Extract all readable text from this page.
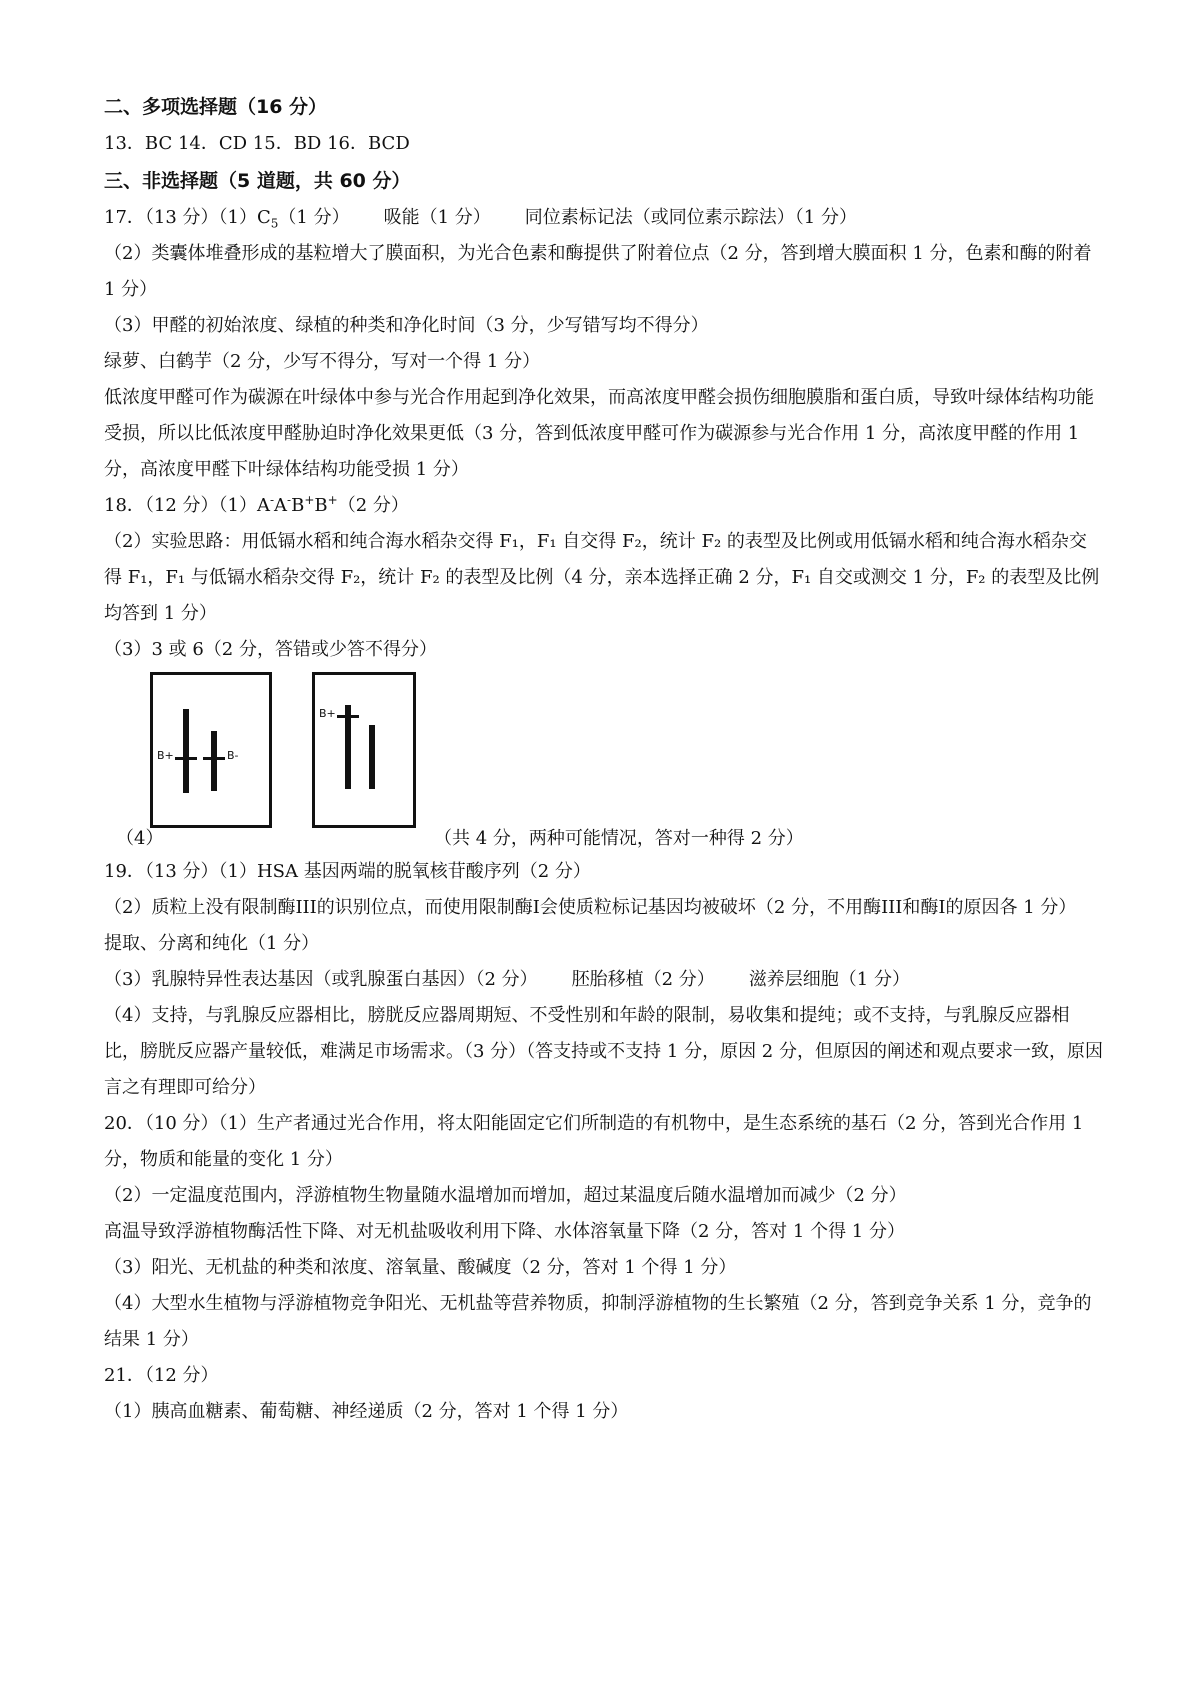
二、多项选择题（16 分）
13．BC 14．CD 15．BD 16．BCD
三、非选择题（5 道题，共 60 分）
17．（13 分）$(1)C_5(1$ 分） 吸能（1 分） 同位素标记法（或同位素示踪法）（1 分）
（2）类囊体堆叠形成的基粒增大了膜面积，为光合色素和酶提供了附着位点（2 分，答到增大膜面积 1 分，色素和酶的附着 1 分）
（3）甲醛的初始浓度、绿植的种类和净化时间（3 分，少写错写均不得分）
绿萝、白鹤芋（2 分，少写不得分，写对一个得 1 分）
低浓度甲醛可作为碳源在叶绿体中参与光合作用起到净化效果，而高浓度甲醛会损伤细胞膜脂和蛋白质，导致叶绿体结构功能受损，所以比低浓度甲醛胁迫时净化效果更低（3 分，答到低浓度甲醛可作为碳源参与光合作用 1 分，高浓度甲醛的作用 1 分，高浓度甲醛下叶绿体结构功能受损 1 分）
18．（12 分）（1）A-A-B+B+（2 分）
（2）实验思路：用低镉水稻和纯合海水稻杂交得 F₁，F₁ 自交得 F₂，统计 F₂ 的表型及比例或用低镉水稻和纯合海水稻杂交得 F₁，F₁ 与低镉水稻杂交得 F₂，统计 F₂ 的表型及比例（4 分，亲本选择正确 2 分，F₁ 自交或测交 1 分，F₂ 的表型及比例均答到 1 分）
（3）3 或 6（2 分，答错或少答不得分）
（4）
B+	B-
B+
（共 4 分，两种可能情况，答对一种得 2 分）
19．（13 分）（1）HSA 基因两端的脱氧核苷酸序列（2 分）
（2）质粒上没有限制酶III的识别位点，而使用限制酶Ⅰ会使质粒标记基因均被破坏（2 分，不用酶III和酶Ⅰ的原因各 1 分）
提取、分离和纯化（1 分）
（3）乳腺特异性表达基因（或乳腺蛋白基因）（2 分） 胚胎移植（2 分） 滋养层细胞（1 分）
（4）支持，与乳腺反应器相比，膀胱反应器周期短、不受性别和年龄的限制，易收集和提纯；或不支持，与乳腺反应器相比，膀胱反应器产量较低，难满足市场需求。（3 分）（答支持或不支持 1 分，原因 2 分，但原因的阐述和观点要求一致，原因言之有理即可给分）
20．（10 分）（1）生产者通过光合作用，将太阳能固定它们所制造的有机物中，是生态系统的基石（2 分，答到光合作用 1 分，物质和能量的变化 1 分）
（2）一定温度范围内，浮游植物生物量随水温增加而增加，超过某温度后随水温增加而减少（2 分）
高温导致浮游植物酶活性下降、对无机盐吸收利用下降、水体溶氧量下降（2 分，答对 1 个得 1 分）
（3）阳光、无机盐的种类和浓度、溶氧量、酸碱度（2 分，答对 1 个得 1 分）
（4）大型水生植物与浮游植物竞争阳光、无机盐等营养物质，抑制浮游植物的生长繁殖（2 分，答到竞争关系 1 分，竞争的结果 1 分）
21．（12 分）
（1）胰高血糖素、葡萄糖、神经递质（2 分，答对 1 个得 1 分）
